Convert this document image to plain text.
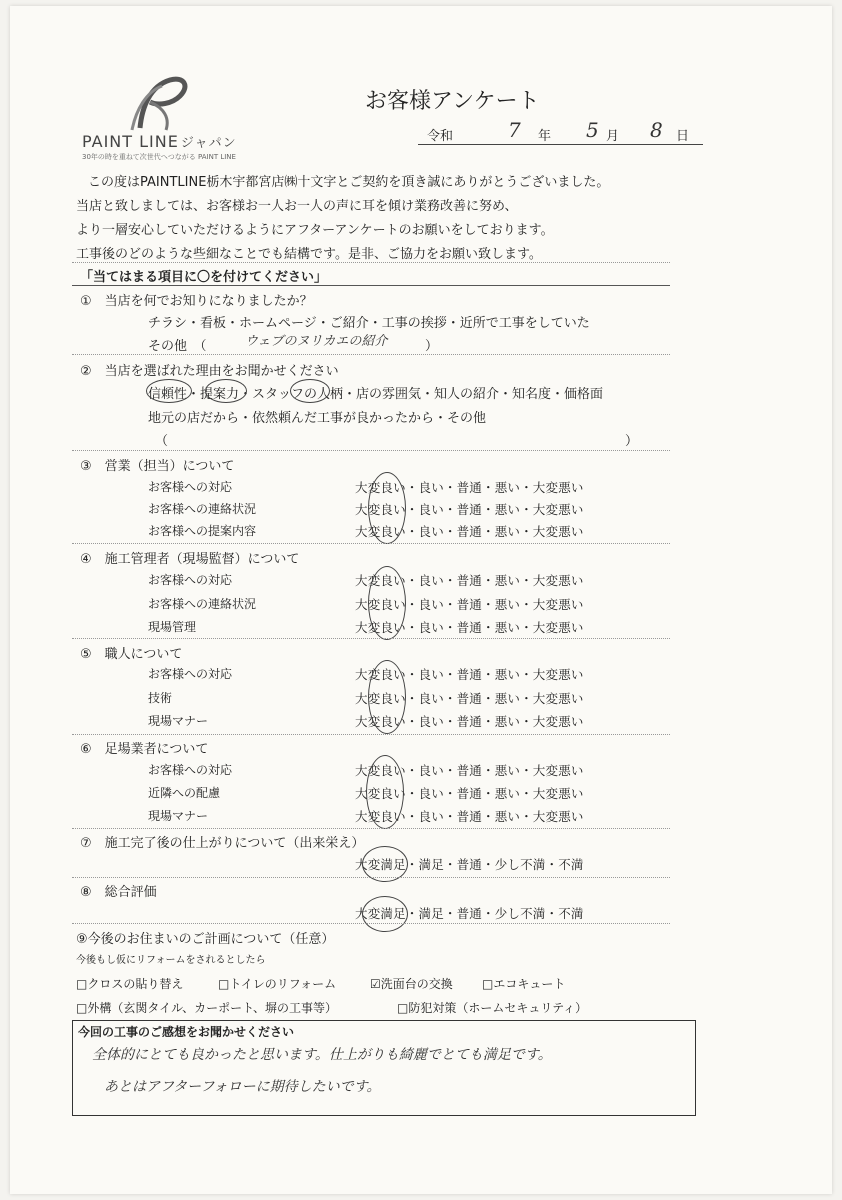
PAINT LINE ジャパン
30年の時を重ねて次世代へつながる PAINT LINE
お客様アンケート
令和	7 年 5 月 8 日
この度はPAINTLINE栃木宇都宮店㈱十文字とご契約を頂き誠にありがとうございました。
当店と致しましては、お客様お一人お一人の声に耳を傾け業務改善に努め、
より一層安心していただけるようにアフターアンケートのお願いをしております。
工事後のどのような些細なことでも結構です。是非、ご協力をお願い致します。
「当てはまる項目に〇を付けてください」
①　当店を何でお知りになりましたか？
チラシ・看板・ホームページ・ご紹介・工事の挨拶・近所で工事をしていた
その他　（	ウェブのヌリカエの紹介	）
②　当店を選ばれた理由をお聞かせください
信頼性・提案力・スタッフの人柄・店の雰囲気・知人の紹介・知名度・価格面
地元の店だから・依然頼んだ工事が良かったから・その他
（	）
③　営業（担当）について
お客様への対応	大変良い・良い・普通・悪い・大変悪い
お客様への連絡状況	大変良い・良い・普通・悪い・大変悪い
お客様への提案内容	大変良い・良い・普通・悪い・大変悪い
④　施工管理者（現場監督）について
お客様への対応	大変良い・良い・普通・悪い・大変悪い
お客様への連絡状況	大変良い・良い・普通・悪い・大変悪い
現場管理	大変良い・良い・普通・悪い・大変悪い
⑤　職人について
お客様への対応	大変良い・良い・普通・悪い・大変悪い
技術	大変良い・良い・普通・悪い・大変悪い
現場マナー	大変良い・良い・普通・悪い・大変悪い
⑥　足場業者について
お客様への対応	大変良い・良い・普通・悪い・大変悪い
近隣への配慮	大変良い・良い・普通・悪い・大変悪い
現場マナー	大変良い・良い・普通・悪い・大変悪い
⑦　施工完了後の仕上がりについて（出来栄え）
大変満足・満足・普通・少し不満・不満
⑧　総合評価
大変満足・満足・普通・少し不満・不満
⑨今後のお住まいのご計画について（任意）
今後もし仮にリフォームをされるとしたら
□クロスの貼り替え	□トイレのリフォーム	☑洗面台の交換 □エコキュート
□外構（玄関タイル、カーポート、塀の工事等）	□防犯対策（ホームセキュリティ）
今回の工事のご感想をお聞かせください
全体的にとても良かったと思います。仕上がりも綺麗でとても満足です。
あとはアフターフォローに期待したいです。
